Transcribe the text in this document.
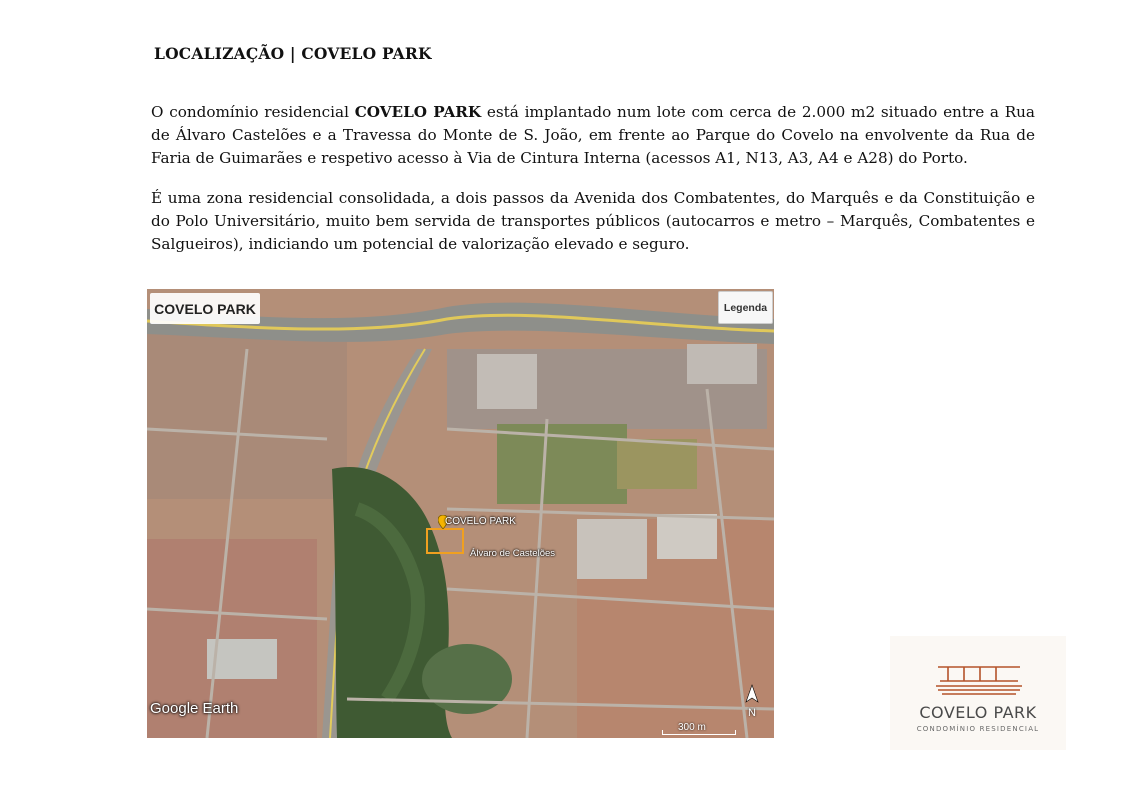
LOCALIZAÇÃO | COVELO PARK
O condomínio residencial COVELO PARK está implantado num lote com cerca de 2.000 m2 situado entre a Rua de Álvaro Castelões e a Travessa do Monte de S. João, em frente ao Parque do Covelo na envolvente da Rua de Faria de Guimarães e respetivo acesso à Via de Cintura Interna (acessos A1, N13, A3, A4 e A28) do Porto.
É uma zona residencial consolidada, a dois passos da Avenida dos Combatentes, do Marquês e da Constituição e do Polo Universitário, muito bem servida de transportes públicos (autocarros e metro – Marquês, Combatentes e Salgueiros), indiciando um potencial de valorização elevado e seguro.
COVELO PARK	Legenda
COVELO PARK
Álvaro de Castelões
Google Earth	N
300 m
COVELO PARK
CONDOMÍNIO RESIDENCIAL
